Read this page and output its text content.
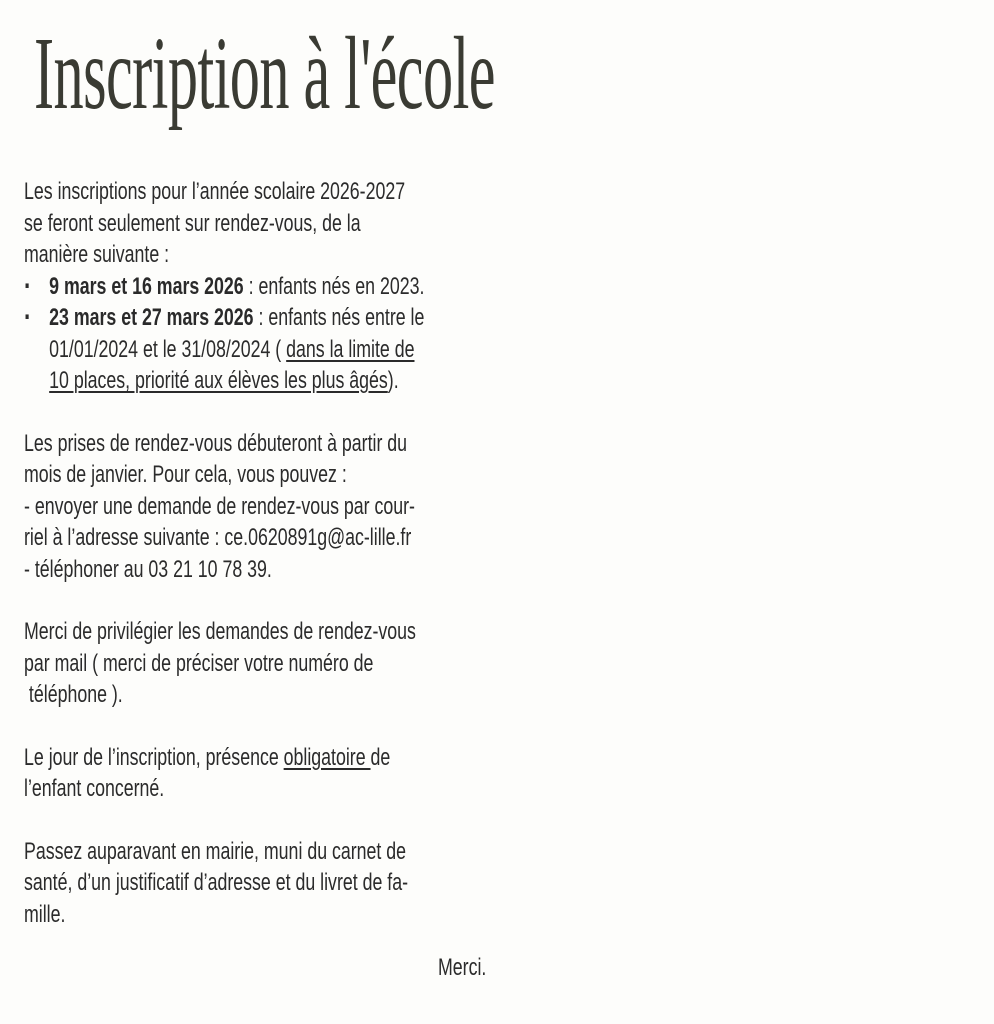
Inscription à l'école

Les inscriptions pour l’année scolaire 2026-2027

se feront seulement sur rendez-vous, de la

manière suivante :

‧ 9 mars et 16 mars 2026 : enfants nés en 2023.
‧ 23 mars et 27 mars 2026 : enfants nés entre le
01/01/2024 et le 31/08/2024 ( dans la limite de
10 places, priorité aux élèves les plus âgés).

Les prises de rendez-vous débuteront à partir du

mois de janvier. Pour cela, vous pouvez :

- envoyer une demande de rendez-vous par cour-

riel à l’adresse suivante : ce.0620891g@ac-lille.fr

- téléphoner au 03 21 10 78 39.

Merci de privilégier les demandes de rendez-vous

par mail ( merci de préciser votre numéro de

téléphone ).

Le jour de l’inscription, présence obligatoire de

l’enfant concerné.

Passez auparavant en mairie, muni du carnet de

santé, d’un justificatif d’adresse et du livret de fa-

mille.

Merci.
